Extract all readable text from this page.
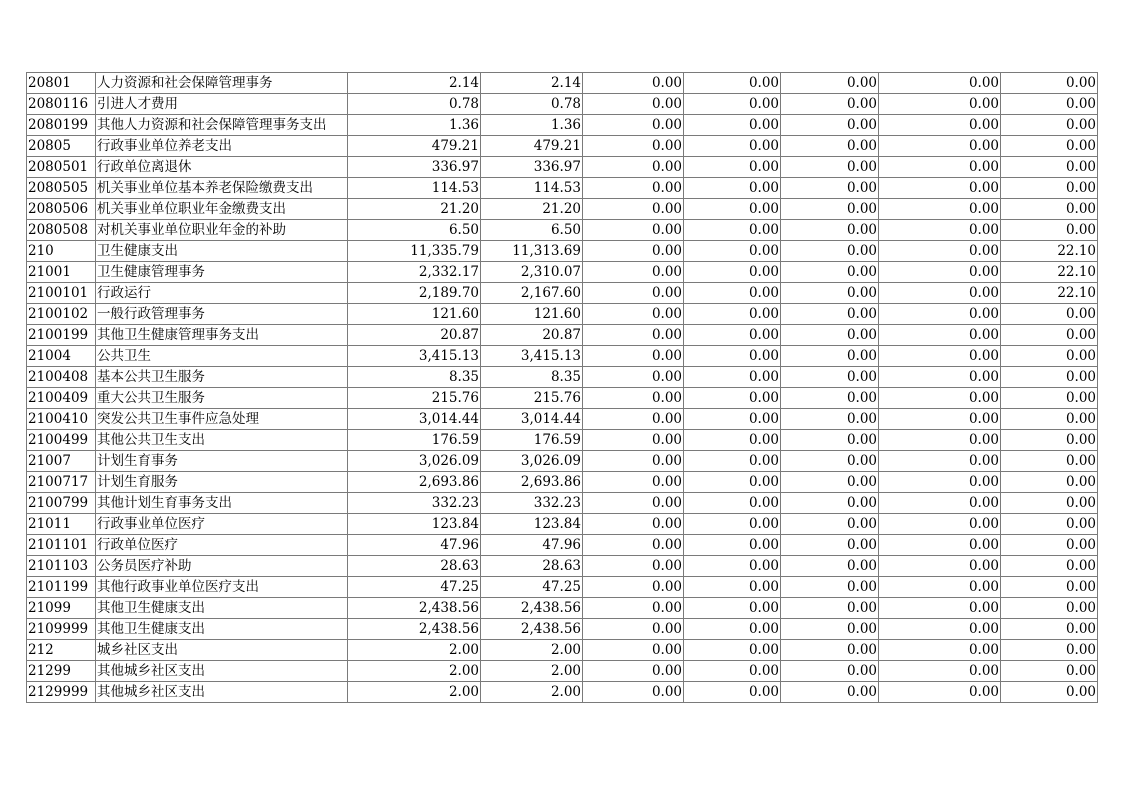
20801	人力资源和社会保障管理事务	2.14	2.14	0.00	0.00	0.00	0.00	0.00
2080116	引进人才费用	0.78	0.78	0.00	0.00	0.00	0.00	0.00
2080199	其他人力资源和社会保障管理事务支出	1.36	1.36	0.00	0.00	0.00	0.00	0.00
20805	行政事业单位养老支出	479.21	479.21	0.00	0.00	0.00	0.00	0.00
2080501	行政单位离退休	336.97	336.97	0.00	0.00	0.00	0.00	0.00
2080505	机关事业单位基本养老保险缴费支出	114.53	114.53	0.00	0.00	0.00	0.00	0.00
2080506	机关事业单位职业年金缴费支出	21.20	21.20	0.00	0.00	0.00	0.00	0.00
2080508	对机关事业单位职业年金的补助	6.50	6.50	0.00	0.00	0.00	0.00	0.00
210	卫生健康支出	11,335.79	11,313.69	0.00	0.00	0.00	0.00	22.10
21001	卫生健康管理事务	2,332.17	2,310.07	0.00	0.00	0.00	0.00	22.10
2100101	行政运行	2,189.70	2,167.60	0.00	0.00	0.00	0.00	22.10
2100102	一般行政管理事务	121.60	121.60	0.00	0.00	0.00	0.00	0.00
2100199	其他卫生健康管理事务支出	20.87	20.87	0.00	0.00	0.00	0.00	0.00
21004	公共卫生	3,415.13	3,415.13	0.00	0.00	0.00	0.00	0.00
2100408	基本公共卫生服务	8.35	8.35	0.00	0.00	0.00	0.00	0.00
2100409	重大公共卫生服务	215.76	215.76	0.00	0.00	0.00	0.00	0.00
2100410	突发公共卫生事件应急处理	3,014.44	3,014.44	0.00	0.00	0.00	0.00	0.00
2100499	其他公共卫生支出	176.59	176.59	0.00	0.00	0.00	0.00	0.00
21007	计划生育事务	3,026.09	3,026.09	0.00	0.00	0.00	0.00	0.00
2100717	计划生育服务	2,693.86	2,693.86	0.00	0.00	0.00	0.00	0.00
2100799	其他计划生育事务支出	332.23	332.23	0.00	0.00	0.00	0.00	0.00
21011	行政事业单位医疗	123.84	123.84	0.00	0.00	0.00	0.00	0.00
2101101	行政单位医疗	47.96	47.96	0.00	0.00	0.00	0.00	0.00
2101103	公务员医疗补助	28.63	28.63	0.00	0.00	0.00	0.00	0.00
2101199	其他行政事业单位医疗支出	47.25	47.25	0.00	0.00	0.00	0.00	0.00
21099	其他卫生健康支出	2,438.56	2,438.56	0.00	0.00	0.00	0.00	0.00
2109999	其他卫生健康支出	2,438.56	2,438.56	0.00	0.00	0.00	0.00	0.00
212	城乡社区支出	2.00	2.00	0.00	0.00	0.00	0.00	0.00
21299	其他城乡社区支出	2.00	2.00	0.00	0.00	0.00	0.00	0.00
2129999	其他城乡社区支出	2.00	2.00	0.00	0.00	0.00	0.00	0.00
